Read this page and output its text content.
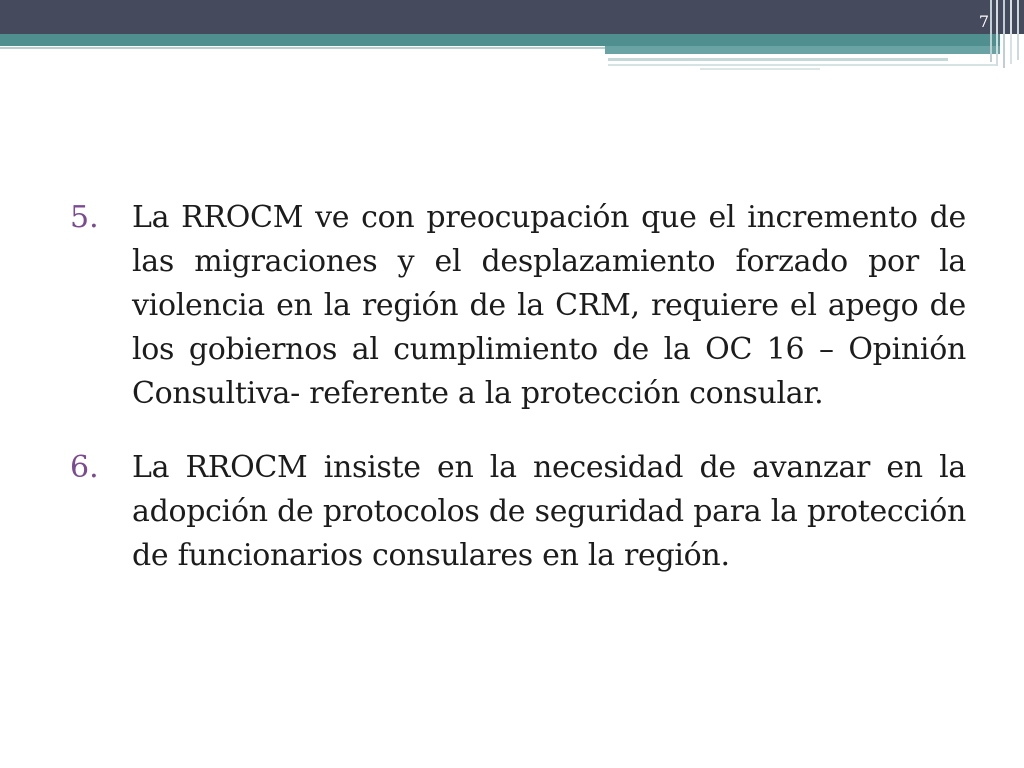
7
5.	La RROCM ve con preocupación que el incremento de las migraciones y el desplazamiento forzado por la violencia en la región de la CRM, requiere el apego de los gobiernos al cumplimiento de la OC 16 – Opinión Consultiva- referente a la protección consular.
6.	La RROCM insiste en la necesidad de avanzar en la adopción de protocolos de seguridad para la protección de funcionarios consulares en la región.
